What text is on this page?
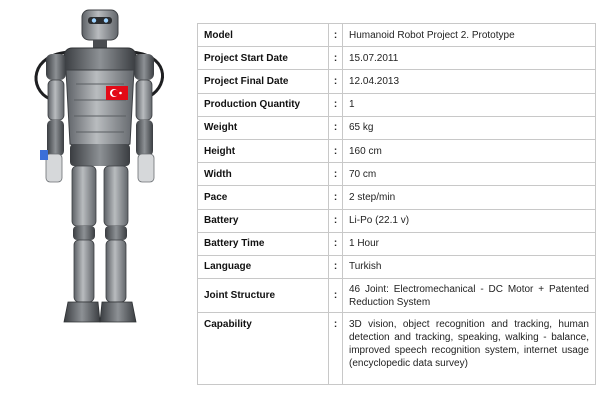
Model	:	Humanoid Robot Project 2. Prototype
Project Start Date	:	15.07.2011
Project Final Date	:	12.04.2013
Production Quantity	:	1
Weight	:	65 kg
Height	:	160 cm
Width	:	70 cm
Pace	:	2 step/min
Battery	:	Li-Po (22.1 v)
Battery Time	:	1 Hour
Language	:	Turkish
Joint Structure	:	46 Joint: Electromechanical - DC Motor + Patented Reduction System
Capability	:	3D vision, object recognition and tracking, human detection and tracking, speaking, walking - balance, improved speech recognition system, internet usage (encyclopedic data survey)
